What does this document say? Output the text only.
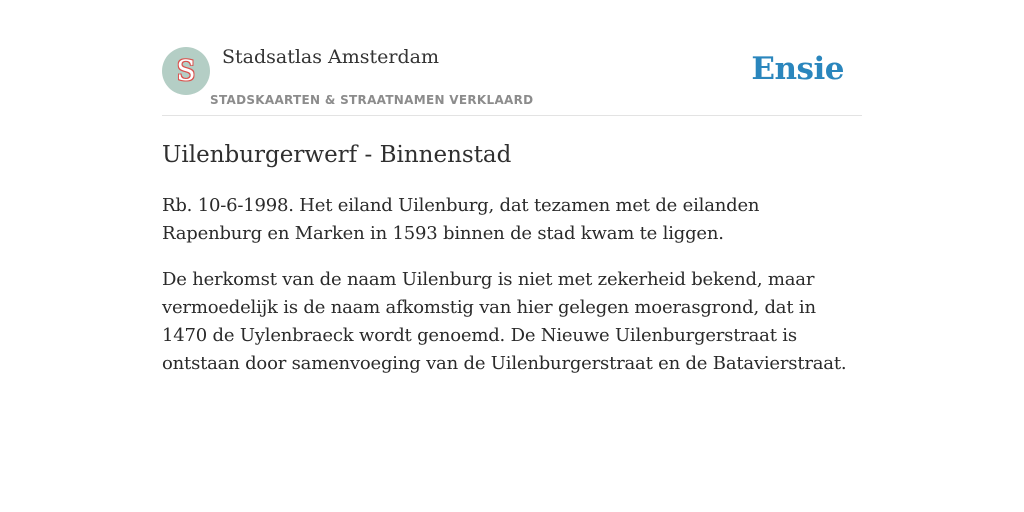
S Stadsatlas Amsterdam
STADSKAARTEN & STRAATNAMEN VERKLAARD
Ensie
Uilenburgerwerf - Binnenstad

Rb. 10-6-1998. Het eiland Uilenburg, dat tezamen met de eilanden Rapenburg en Marken in 1593 binnen de stad kwam te liggen.

De herkomst van de naam Uilenburg is niet met zekerheid bekend, maar vermoedelijk is de naam afkomstig van hier gelegen moerasgrond, dat in 1470 de Uylenbraeck wordt genoemd. De Nieuwe Uilenburgerstraat is ontstaan door samenvoeging van de Uilenburgerstraat en de Batavierstraat.
